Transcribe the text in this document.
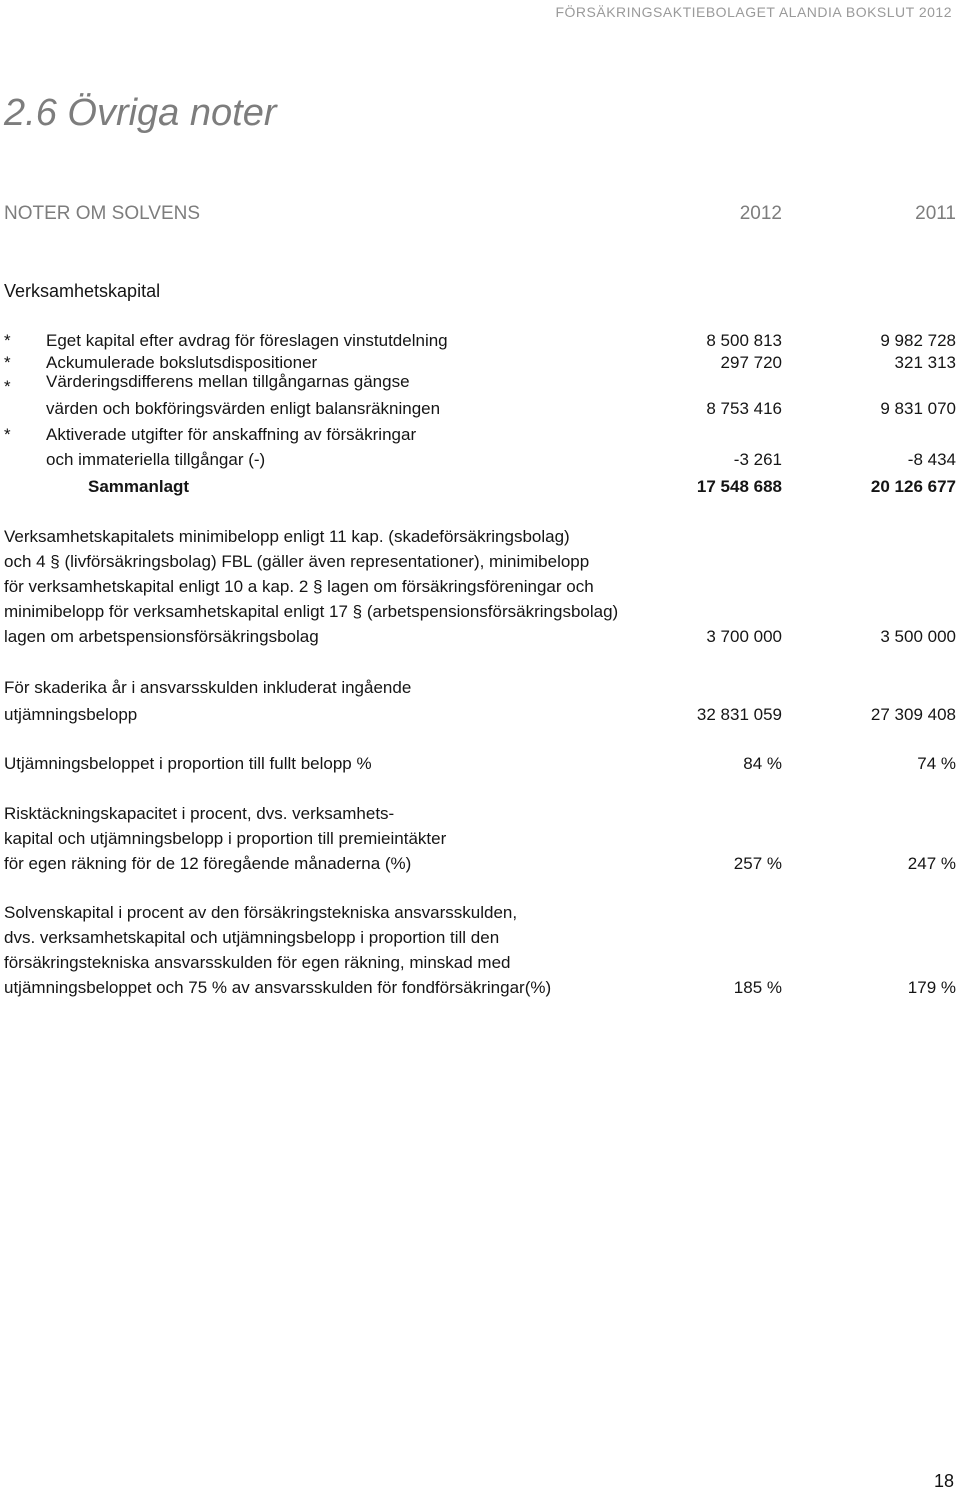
FÖRSÄKRINGSAKTIEBOLAGET ALANDIA BOKSLUT 2012
2.6 Övriga noter
NOTER OM SOLVENS	2012	2011
Verksamhetskapital
* Eget kapital efter avdrag för föreslagen vinstutdelning	8 500 813	9 982 728
* Ackumulerade bokslutsdispositioner	297 720	321 313
* Värderingsdifferens mellan tillgångarnas gängse
värden och bokföringsvärden enligt balansräkningen	8 753 416	9 831 070
* Aktiverade utgifter för anskaffning av försäkringar
och immateriella tillgångar (-)	-3 261	-8 434
Sammanlagt	17 548 688	20 126 677
Verksamhetskapitalets minimibelopp enligt 11 kap. (skadeförsäkringsbolag)
och 4 § (livförsäkringsbolag) FBL (gäller även representationer), minimibelopp
för verksamhetskapital enligt 10 a kap. 2 § lagen om försäkringsföreningar och
minimibelopp för verksamhetskapital enligt 17 § (arbetspensionsförsäkringsbolag)
lagen om arbetspensionsförsäkringsbolag	3 700 000	3 500 000
För skaderika år i ansvarsskulden inkluderat ingående
utjämningsbelopp	32 831 059	27 309 408
Utjämningsbeloppet i proportion till fullt belopp %	84 %	74 %
Risktäckningskapacitet i procent, dvs. verksamhets-
kapital och utjämningsbelopp i proportion till premieintäkter
för egen räkning för de 12 föregående månaderna (%)	257 %	247 %
Solvenskapital i procent av den försäkringstekniska ansvarsskulden,
dvs. verksamhetskapital och utjämningsbelopp i proportion till den
försäkringstekniska ansvarsskulden för egen räkning, minskad med
utjämningsbeloppet och 75 % av ansvarsskulden för fondförsäkringar(%)	185 %	179 %
18
